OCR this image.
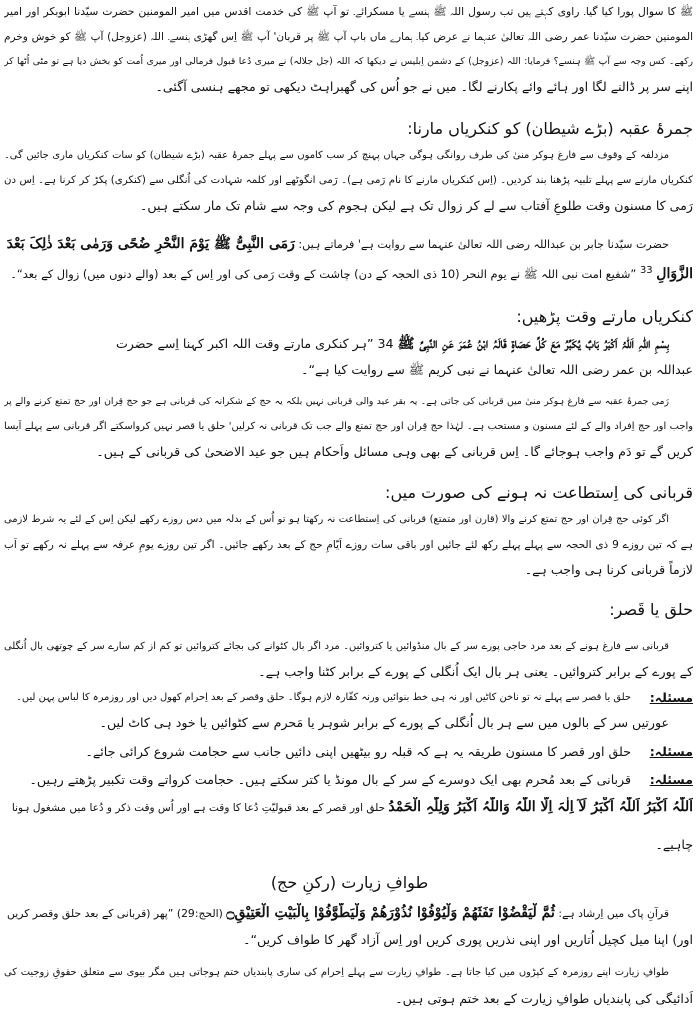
ﷺ کا سوال پورا کیا گیا۔ راوی کہتے ہیں تب رسول اللہ ﷺ ہنسے یا مسکرائے۔ تو آپ ﷺ کی خدمت اقدس میں امیر المومنین حضرت سیّدنا ابوبکر اور امیر
المومنین حضرت سیّدنا عمر رضی اللہ تعالیٰ عنہما نے عرض کیا۔ ہمارے ماں باپ آپ ﷺ پر قربان' آپ ﷺ اِس گھڑی ہنسے۔ اللہ (عزوجل) آپ ﷺ کو خوش وخرم
رکھے۔ کس وجہ سے آپ ﷺ ہنسے؟ فرمایا: اللہ (عزوجل) کے دشمن اِبلیس نے دیکھا کہ اللہ (جل جلالہ) نے میری دُعا قبول فرمالی اور میری اُمت کو بخش دیا ہے تو مٹی اُٹھا کر
اپنے سر پر ڈالنے لگا اور ہائے وائے پکارنے لگا۔ میں نے جو اُس کی گھبراہٹ دیکھی تو مجھے ہنسی آگئی۔
جمرۂ عقبہ (بڑے شیطان) کو کنکریاں مارنا:
مزدلفہ کے وقوف سے فارغ ہوکر منیٰ کی طرف روانگی ہوگی جہاں پہنچ کر سب کاموں سے پہلے جمرۂ عقبہ (بڑے شیطان) کو سات کنکریاں ماری جائیں گی۔
کنکریاں مارنے سے پہلے تلبیہ پڑھنا بند کردیں۔ (اِس کنکریاں مارنے کا نام رَمی ہے)۔ رَمی انگوٹھے اور کلمہ شہادت کی اُنگلی سے (کنکری) پکڑ کر کرنا ہے۔ اِس دن
رَمی کا مسنون وقت طلوعِ آفتاب سے لے کر زوال تک ہے لیکن ہجوم کی وجہ سے شام تک مار سکتے ہیں۔
حضرت سیّدنا جابر بن عبداللہ رضی اللہ تعالیٰ عنہما سے روایت ہے' فرماتے ہیں: رَمَی النَّبِیُّ ﷺ یَوْمَ النَّحْرِ ضُحًی وَرَمٰی بَعْدَ ذٰلِکَ بَعْدَ
الزَّوَالِ 33 ”شفیع امت نبی اللہ ﷺ نے یوم النحر (10 ذی الحجہ کے دن) چاشت کے وقت رَمی کی اور اِس کے بعد (والے دنوں میں) زوال کے بعد“۔
کنکریاں مارتے وقت پڑھیں:
بِسْمِ اللّٰہِ اَللّٰہُ اَکْبَرُ بَابٌ یُکَبِّرُ مَعَ کُلِّ حَصَاۃٍ قَالَہُ ابْنُ عُمَرَ عَنِ النَّبِیِّ ﷺ 34 ”ہر کنکری مارتے وقت اللہ اکبر کہنا اِسے حضرت
عبداللہ بن عمر رضی اللہ تعالیٰ عنہما نے نبی کریم ﷺ سے روایت کیا ہے“۔
رَمی جمرۂ عقبہ سے فارغ ہوکر منیٰ میں قربانی کی جاتی ہے۔ یہ بقر عید والی قربانی نہیں بلکہ یہ حج کے شکرانہ کی قربانی ہے جو حج قِران اور حج تمتع کرنے والے پر
واجب اور حج اِفراد والے کے لئے مسنون و مستحب ہے۔ لہٰذا حج قِران اور حج تمتع والے جب تک قربانی نہ کرلیں' حلق یا قصر نہیں کرواسکتے اگر قربانی سے پہلے اَیسا
کریں گے تو دَم واجب ہوجائے گا۔ اِس قربانی کے بھی وہی مسائل واَحکام ہیں جو عید الاضحیٰ کی قربانی کے ہیں۔
قربانی کی اِستطاعت نہ ہونے کی صورت میں:
اگر کوئی حج قِران اور حج تمتع کرنے والا (قارن اور متمتع) قربانی کی اِستطاعت نہ رکھتا ہو تو اُس کے بدلہ میں دس روزے رکھے لیکن اِس کے لئے یہ شرط لازمی
ہے کہ تین روزے 9 ذی الحجہ سے پہلے پہلے رکھ لئے جائیں اور باقی سات روزے اَیّامِ حج کے بعد رکھے جائیں۔ اگر تین روزے یومِ عرفہ سے پہلے نہ رکھے تو اَب
لازماً قربانی کرنا ہی واجب ہے۔
حلق یا قَصر:
قربانی سے فارغ ہونے کے بعد مرد حاجی پورے سر کے بال منڈوائیں یا کتروائیں۔ مرد اگر بال کٹوانے کی بجائے کتروائیں تو کم از کم سارے سر کے چوتھی بال اُنگلی
کے پورے کے برابر کتروائیں۔ یعنی ہر بال ایک اُنگلی کے پورے کے برابر کٹنا واجب ہے۔
مسئلہ:
حلق یا قصر سے پہلے نہ تو ناخن کاٹیں اور نہ ہی خط بنوائیں ورنہ کفّارہ لازم ہوگا۔ حلق وقصر کے بعد اِحرام کھول دیں اور روزمرہ کا لباس پہن لیں۔
عورتیں سر کے بالوں میں سے ہر بال اُنگلی کے پورے کے برابر شوہر یا مَحرم سے کٹوائیں یا خود ہی کاٹ لیں۔
مسئلہ:
حلق اور قصر کا مسنون طریقہ یہ ہے کہ قبلہ رو بیٹھیں اپنی دائیں جانب سے حجامت شروع کرائی جائے۔
مسئلہ:
قربانی کے بعد مُحرم بھی ایک دوسرے کے سر کے بال مونڈ یا کتر سکتے ہیں۔ حجامت کرواتے وقت تکبیر پڑھتے رہیں۔
اَللّٰہُ اَکْبَرُ اَللّٰہُ اَکْبَرُ لَآ اِلٰہَ اِلَّا اللّٰہُ وَاللّٰہُ اَکْبَرُ وَلِلّٰہِ الْحَمْدُ حلق اور قصر کے بعد قبولیّتِ دُعا کا وقت ہے اور اُس وقت ذکر و دُعا میں مشغول ہونا
چاہیے۔
طوافِ زیارت (رکنِ حج)
قرآنِ پاک میں اِرشاد ہے: ثُمَّ لْیَقْضُوْا تَفَثَھُمْ وَلْیُوْفُوْا نُذُوْرَھُمْ وَلْیَطَّوَّفُوْا بِالْبَیْتِ الْعَتِیْقِ۝ (الحج:29) ”پھر (قربانی کے بعد حلق وقصر کریں
اور) اپنا میل کچیل اُتاریں اور اپنی نذریں پوری کریں اور اِس آزاد گھر کا طواف کریں“۔
طوافِ زیارت اپنے روزمرہ کے کپڑوں میں کیا جاتا ہے۔ طوافِ زیارت سے پہلے اِحرام کی ساری پابندیاں ختم ہوجاتی ہیں مگر بیوی سے متعلق حقوقِ زوجیت کی
اَدائیگی کی پابندیاں طوافِ زیارت کے بعد ختم ہوتی ہیں۔
